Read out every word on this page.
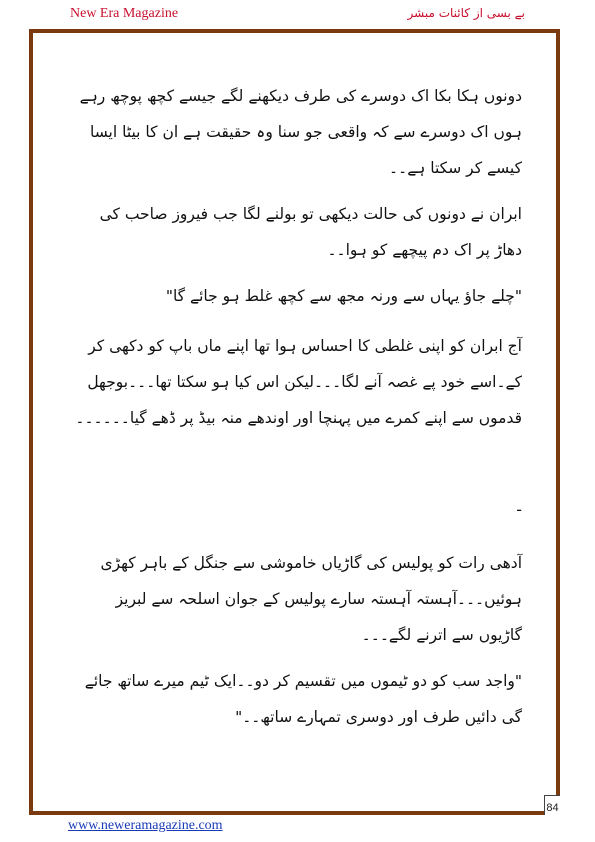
New Era Magazine	بے بسی از کائنات مبشر

دونوں ہکا بکا اک دوسرے کی طرف دیکھنے لگے جیسے کچھ پوچھ رہے ہوں اک دوسرے سے کہ واقعی جو سنا وہ حقیقت ہے ان کا بیٹا ایسا کیسے کر سکتا ہے۔۔

ابران نے دونوں کی حالت دیکھی تو بولنے لگا جب فیروز صاحب کی دھاڑ پر اک دم پیچھے کو ہوا۔۔

"چلے جاؤ یہاں سے ورنہ مجھ سے کچھ غلط ہو جائے گا"

آج ابران کو اپنی غلطی کا احساس ہوا تھا اپنے ماں باپ کو دکھی کر کے۔اسے خود پے غصہ آنے لگا۔۔۔لیکن اس کیا ہو سکتا تھا۔۔۔بوجھل قدموں سے اپنے کمرے میں پہنچا اور اوندھے منہ بیڈ پر ڈھے گیا۔۔۔۔۔۔

-

آدھی رات کو پولیس کی گاڑیاں خاموشی سے جنگل کے باہر کھڑی ہوئیں۔۔۔آہستہ آہستہ سارے پولیس کے جوان اسلحہ سے لبریز گاڑیوں سے اترنے لگے۔۔۔

"واجد سب کو دو ٹیموں میں تقسیم کر دو۔۔ایک ٹیم میرے ساتھ جائے گی دائیں طرف اور دوسری تمہارے ساتھ۔۔"

84
www.neweramagazine.com
